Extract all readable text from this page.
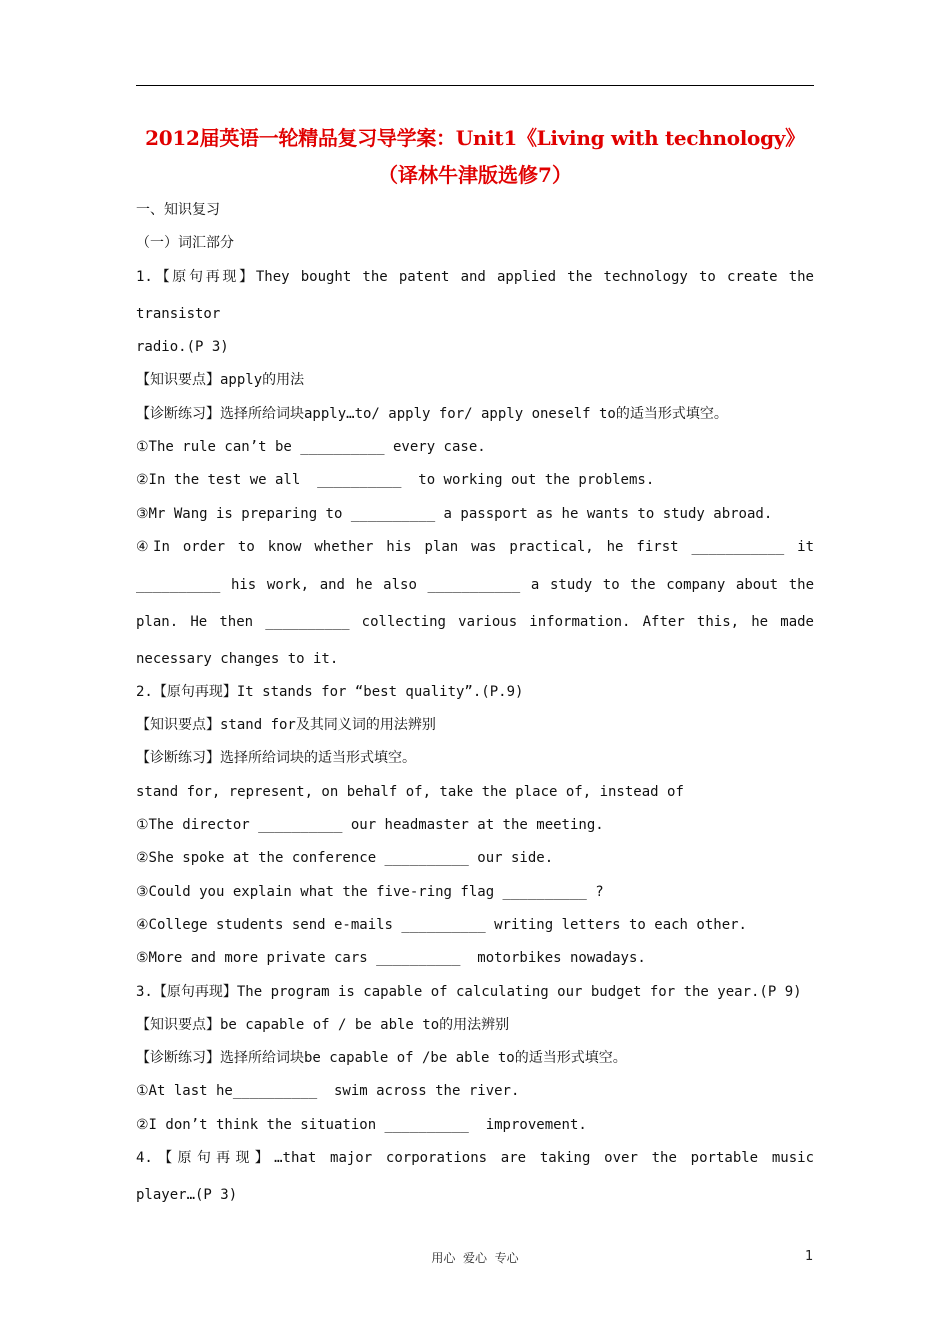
2012届英语一轮精品复习导学案：Unit1《Living with technology》
（译林牛津版选修7）
一、知识复习
（一）词汇部分
1.【原句再现】They bought the patent and applied the technology to create the
transistor
radio.(P 3)
【知识要点】apply的用法
【诊断练习】选择所给词块apply…to/ apply for/ apply oneself to的适当形式填空。
①The rule can’t be __________ every case.
②In the test we all  __________  to working out the problems.
③Mr Wang is preparing to __________ a passport as he wants to study abroad.
④In order to know whether his plan was practical, he first ___________ it
__________ his work, and he also ___________ a study to the company about the
plan. He then __________ collecting various information. After this, he made
necessary changes to it.
2.【原句再现】It stands for “best quality”.(P.9)
【知识要点】stand for及其同义词的用法辨别
【诊断练习】选择所给词块的适当形式填空。
stand for, represent, on behalf of, take the place of, instead of
①The director __________ our headmaster at the meeting.
②She spoke at the conference __________ our side.
③Could you explain what the five-ring flag __________ ?
④College students send e-mails __________ writing letters to each other.
⑤More and more private cars __________  motorbikes nowadays.
3.【原句再现】The program is capable of calculating our budget for the year.(P 9)
【知识要点】be capable of / be able to的用法辨别
【诊断练习】选择所给词块be capable of /be able to的适当形式填空。
①At last he__________  swim across the river.
②I don’t think the situation __________  improvement.
4.【原句再现】…that major corporations are taking over the portable music
player…(P 3)
用心  爱心  专心	1
